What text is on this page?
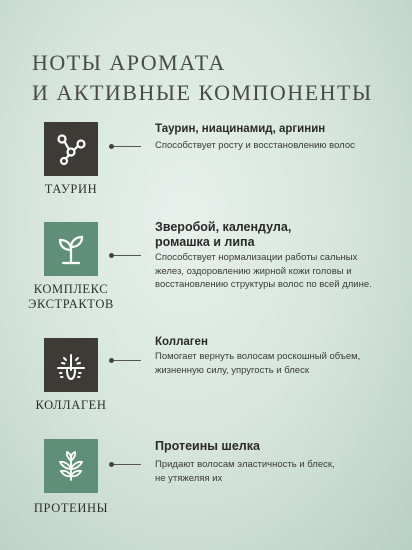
НОТЫ АРОМАТА
И АКТИВНЫЕ КОМПОНЕНТЫ
ТАУРИН
Таурин, ниацинамид, аргинин
Способствует росту и восстановлению волос
КОМПЛЕКС ЭКСТРАКТОВ
Зверобой, календула, ромашка и липа
Способствует нормализации работы сальных желез, оздоровлению жирной кожи головы и восстановлению структуры волос по всей длине.
КОЛЛАГЕН
Коллаген
Помогает вернуть волосам роскошный объем, жизненную силу, упругость и блеск
ПРОТЕИНЫ
Протеины шелка
Придают волосам эластичность и блеск, не утяжеляя их
